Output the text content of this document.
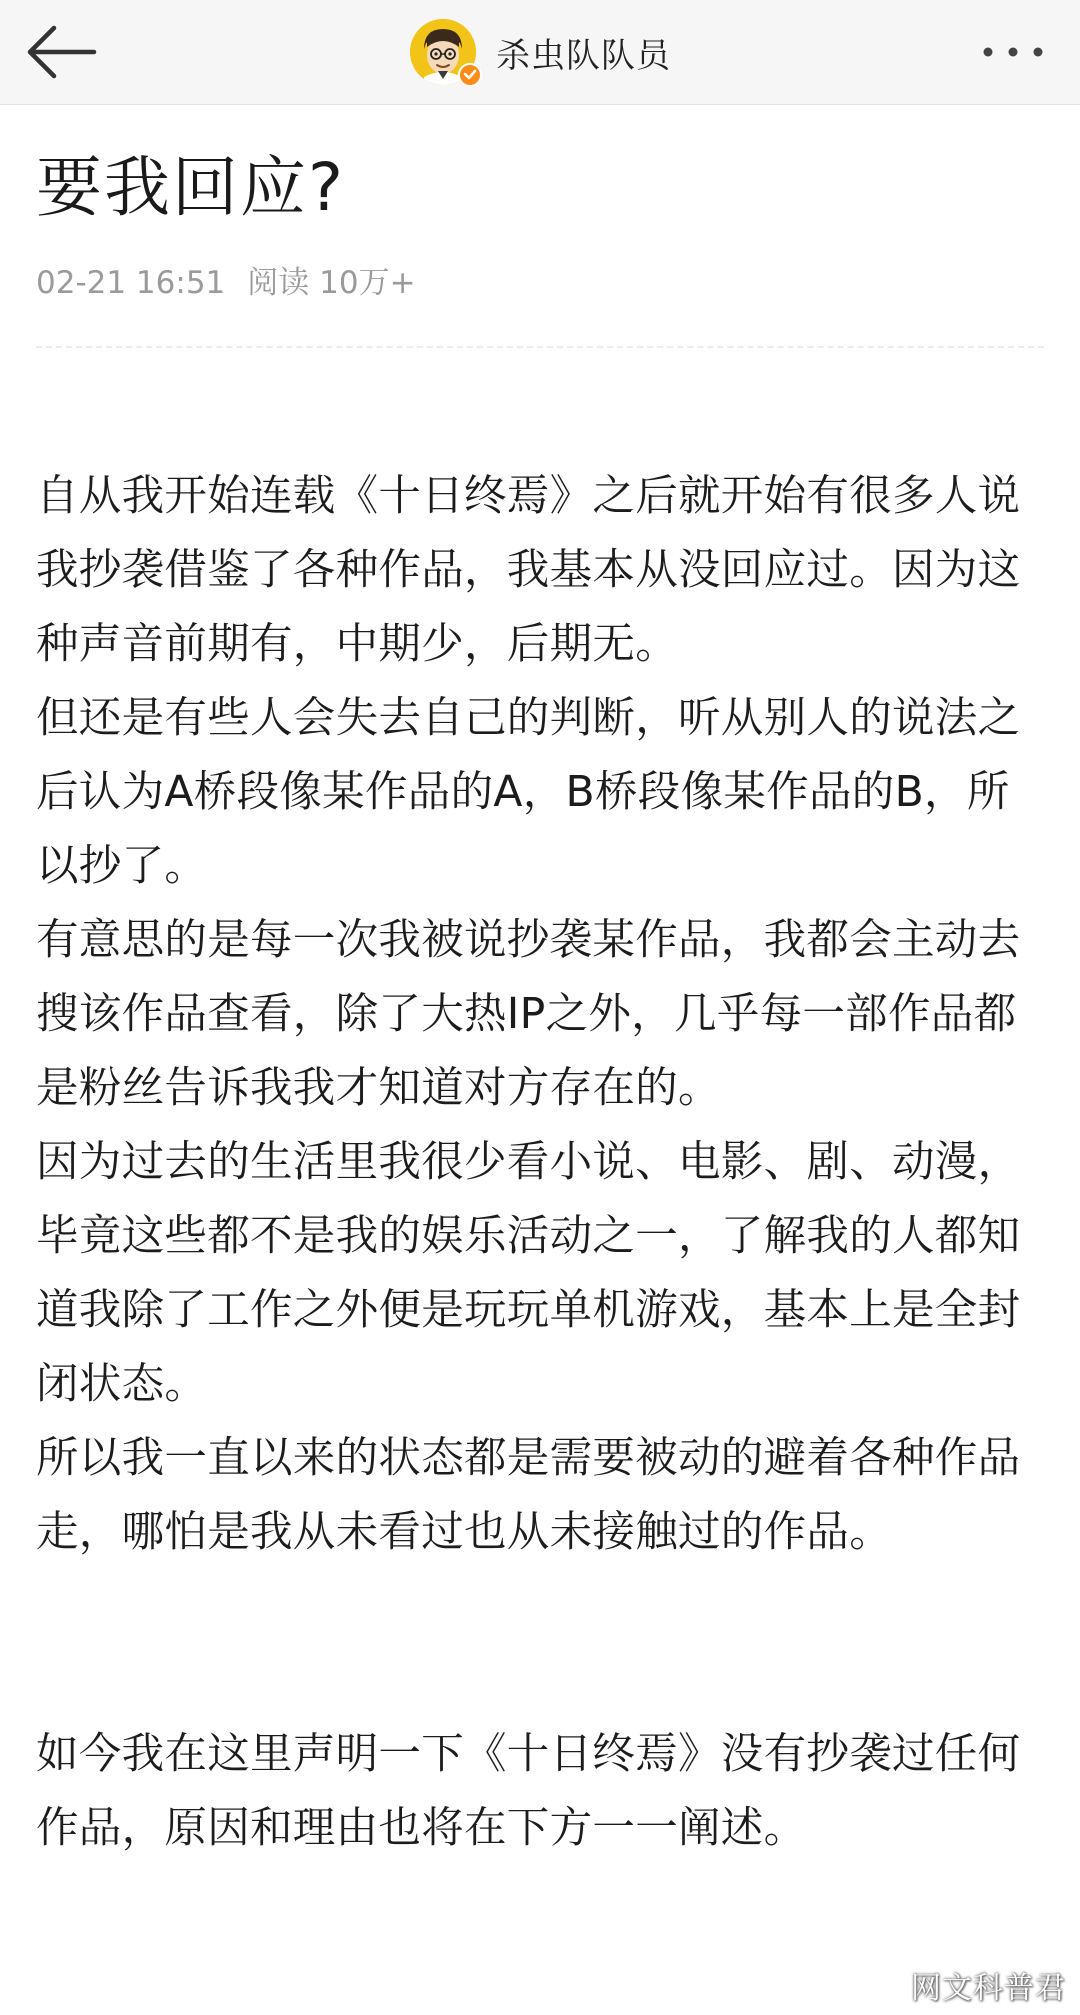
杀虫队队员
要我回应?
02-21 16:51 阅读 10万+

自从我开始连载《十日终焉》之后就开始有很多人说我抄袭借鉴了各种作品，我基本从没回应过。因为这种声音前期有，中期少，后期无。

但还是有些人会失去自己的判断，听从别人的说法之后认为A桥段像某作品的A，B桥段像某作品的B，所以抄了。

有意思的是每一次我被说抄袭某作品，我都会主动去搜该作品查看，除了大热IP之外，几乎每一部作品都是粉丝告诉我我才知道对方存在的。

因为过去的生活里我很少看小说、电影、剧、动漫，毕竟这些都不是我的娱乐活动之一，了解我的人都知道我除了工作之外便是玩玩单机游戏，基本上是全封闭状态。

所以我一直以来的状态都是需要被动的避着各种作品走，哪怕是我从未看过也从未接触过的作品。

如今我在这里声明一下《十日终焉》没有抄袭过任何作品，原因和理由也将在下方一一阐述。

网文科普君
